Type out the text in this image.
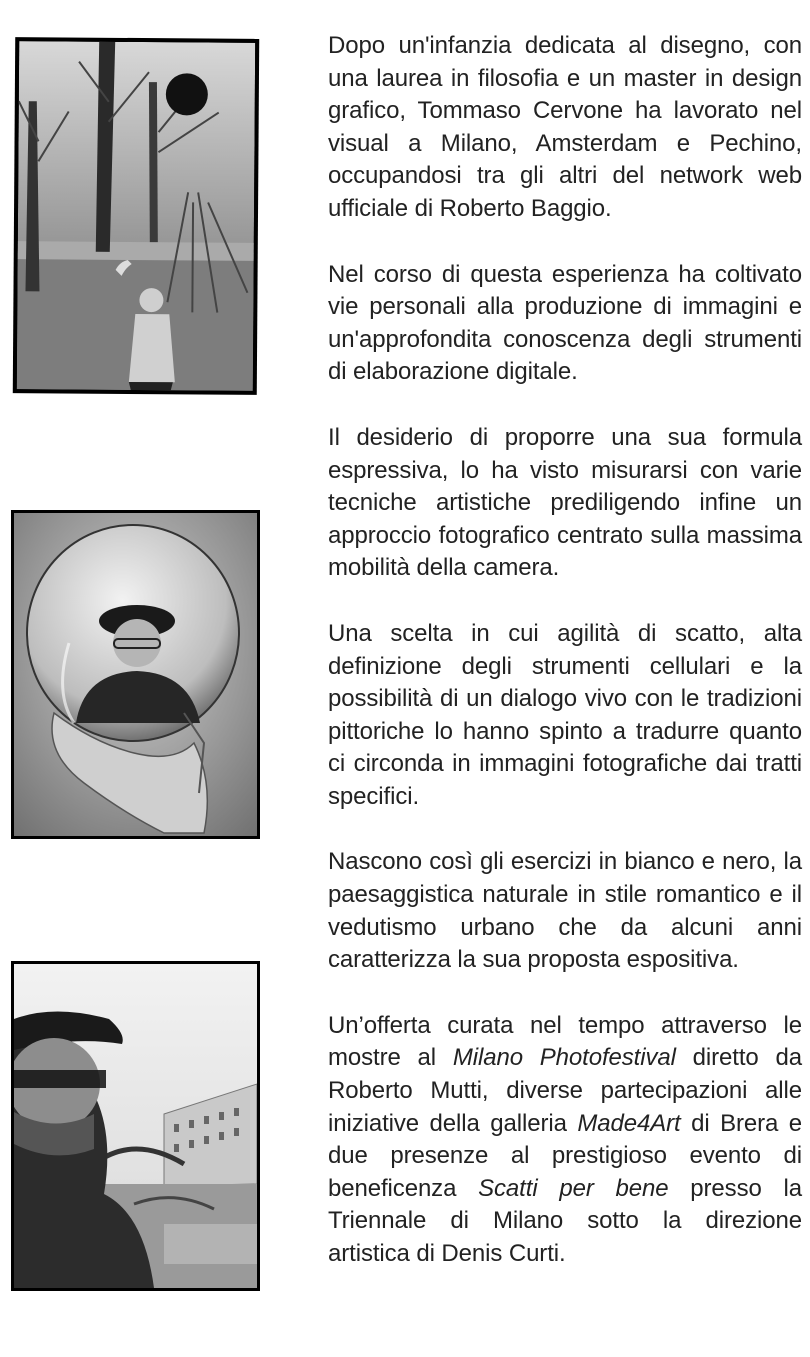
Dopo un'infanzia dedicata al disegno, con una laurea in filosofia e un master in design grafico, Tommaso Cervone ha lavorato nel visual a Milano, Amsterdam e Pechino, occupandosi tra gli altri del network web ufficiale di Roberto Baggio.

Nel corso di questa esperienza ha coltivato vie personali alla produzione di immagini e un'approfondita conoscenza degli strumenti di elaborazione digitale.

Il desiderio di proporre una sua formula espressiva, lo ha visto misurarsi con varie tecniche artistiche prediligendo infine un approccio fotografico centrato sulla massima mobilità della camera.

Una scelta in cui agilità di scatto, alta definizione degli strumenti cellulari e la possibilità di un dialogo vivo con le tradizioni pittoriche lo hanno spinto a tradurre quanto ci circonda in immagini fotografiche dai tratti specifici.

Nascono così gli esercizi in bianco e nero, la paesaggistica naturale in stile romantico e il vedutismo urbano che da alcuni anni caratterizza la sua proposta espositiva.

Un’offerta curata nel tempo attraverso le mostre al Milano Photofestival diretto da Roberto Mutti, diverse partecipazioni alle iniziative della galleria Made4Art di Brera e due presenze al prestigioso evento di beneficenza Scatti per bene presso la Triennale di Milano sotto la direzione artistica di Denis Curti.
